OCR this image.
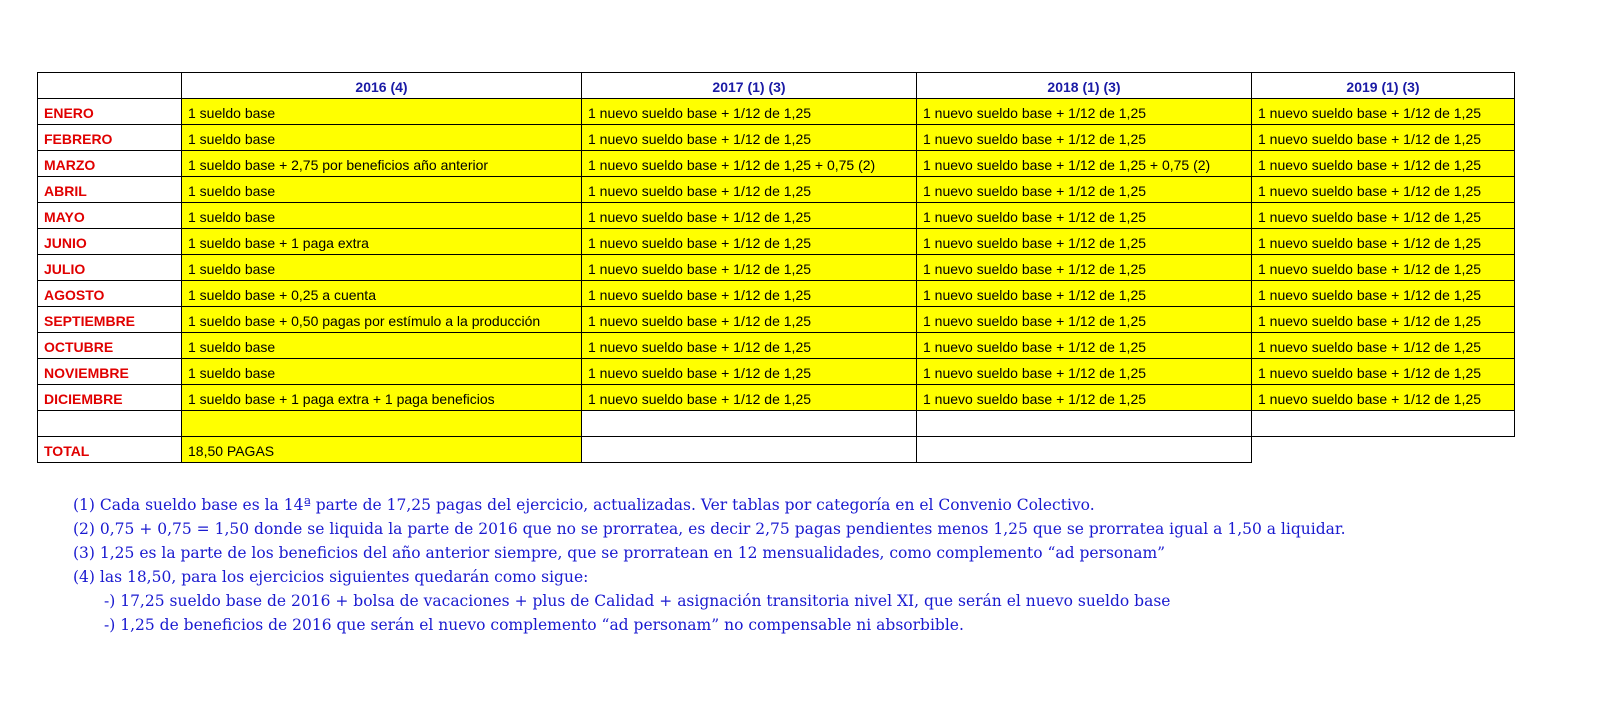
	2016 (4)	2017 (1) (3)	2018 (1) (3)	2019 (1) (3)
ENERO	1 sueldo base	1 nuevo sueldo base + 1/12 de 1,25	1 nuevo sueldo base + 1/12 de 1,25	1 nuevo sueldo base + 1/12 de 1,25
FEBRERO	1 sueldo base	1 nuevo sueldo base + 1/12 de 1,25	1 nuevo sueldo base + 1/12 de 1,25	1 nuevo sueldo base + 1/12 de 1,25
MARZO	1 sueldo base + 2,75 por beneficios año anterior	1 nuevo sueldo base + 1/12 de 1,25 + 0,75 (2)	1 nuevo sueldo base + 1/12 de 1,25 + 0,75 (2)	1 nuevo sueldo base + 1/12 de 1,25
ABRIL	1 sueldo base	1 nuevo sueldo base + 1/12 de 1,25	1 nuevo sueldo base + 1/12 de 1,25	1 nuevo sueldo base + 1/12 de 1,25
MAYO	1 sueldo base	1 nuevo sueldo base + 1/12 de 1,25	1 nuevo sueldo base + 1/12 de 1,25	1 nuevo sueldo base + 1/12 de 1,25
JUNIO	1 sueldo base + 1 paga extra	1 nuevo sueldo base + 1/12 de 1,25	1 nuevo sueldo base + 1/12 de 1,25	1 nuevo sueldo base + 1/12 de 1,25
JULIO	1 sueldo base	1 nuevo sueldo base + 1/12 de 1,25	1 nuevo sueldo base + 1/12 de 1,25	1 nuevo sueldo base + 1/12 de 1,25
AGOSTO	1 sueldo base + 0,25 a cuenta	1 nuevo sueldo base + 1/12 de 1,25	1 nuevo sueldo base + 1/12 de 1,25	1 nuevo sueldo base + 1/12 de 1,25
SEPTIEMBRE	1 sueldo base + 0,50 pagas por estímulo a la producción	1 nuevo sueldo base + 1/12 de 1,25	1 nuevo sueldo base + 1/12 de 1,25	1 nuevo sueldo base + 1/12 de 1,25
OCTUBRE	1 sueldo base	1 nuevo sueldo base + 1/12 de 1,25	1 nuevo sueldo base + 1/12 de 1,25	1 nuevo sueldo base + 1/12 de 1,25
NOVIEMBRE	1 sueldo base	1 nuevo sueldo base + 1/12 de 1,25	1 nuevo sueldo base + 1/12 de 1,25	1 nuevo sueldo base + 1/12 de 1,25
DICIEMBRE	1 sueldo base + 1 paga extra + 1 paga beneficios	1 nuevo sueldo base + 1/12 de 1,25	1 nuevo sueldo base + 1/12 de 1,25	1 nuevo sueldo base + 1/12 de 1,25

TOTAL	18,50 PAGAS			
(1) Cada sueldo base es la 14ª parte de 17,25 pagas del ejercicio, actualizadas. Ver tablas por categoría en el Convenio Colectivo.
(2) 0,75 + 0,75 = 1,50 donde se liquida la parte de 2016 que no se prorratea, es decir 2,75 pagas pendientes menos 1,25 que se prorratea igual a 1,50 a liquidar.
(3) 1,25 es la parte de los beneficios del año anterior siempre, que se prorratean en 12 mensualidades, como complemento “ad personam”
(4) las 18,50, para los ejercicios siguientes quedarán como sigue:
-) 17,25 sueldo base de 2016 + bolsa de vacaciones + plus de Calidad + asignación transitoria nivel XI, que serán el nuevo sueldo base
-) 1,25 de beneficios de 2016 que serán el nuevo complemento “ad personam” no compensable ni absorbible.
